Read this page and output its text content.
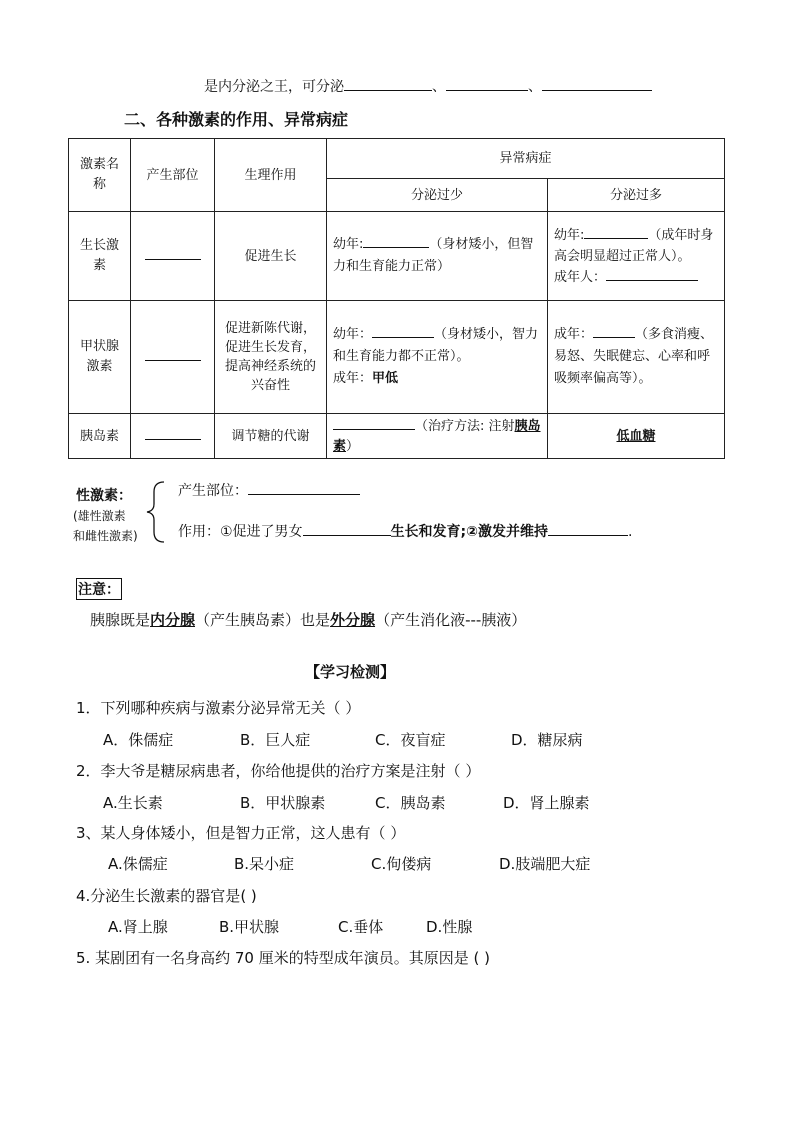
是内分泌之王，可分泌	、	、
二、各种激素的作用、异常病症
激素名称	产生部位	生理作用	异常病症	
			分泌过少	分泌过多
生长激素		促进生长	幼年: （身材矮小，但智力和生育能力正常）	幼年: （成年时身高会明显超过正常人）。
成年人：
甲状腺激素		促进新陈代谢，促进生长发育，提高神经系统的兴奋性	幼年： （身材矮小，智力和生育能力都不正常）。
成年：甲低	成年： （多食消瘦、易怒、失眠健忘、心率和呼吸频率偏高等）。
胰岛素		调节糖的代谢	（治疗方法: 注射胰岛素）	低血糖
性激素：
(雄性激素
和雌性激素)
产生部位：
作用：①促进了男女	生长和发育;②激发并维持	.
注意：
胰腺既是内分腺（产生胰岛素）也是外分腺（产生消化液---胰液）
【学习检测】
1．下列哪种疾病与激素分泌异常无关（ ）
A．侏儒症	B．巨人症	C．夜盲症	D．糖尿病
2．李大爷是糖尿病患者，你给他提供的治疗方案是注射（ ）
A.生长素	B．甲状腺素	C．胰岛素	D．肾上腺素
3、某人身体矮小，但是智力正常，这人患有（ ）
A.侏儒症	B.呆小症	C.佝偻病	D.肢端肥大症
4.分泌生长激素的器官是( )
A.肾上腺	B.甲状腺	C.垂体	D.性腺
5. 某剧团有一名身高约 70 厘米的特型成年演员。其原因是 ( )
